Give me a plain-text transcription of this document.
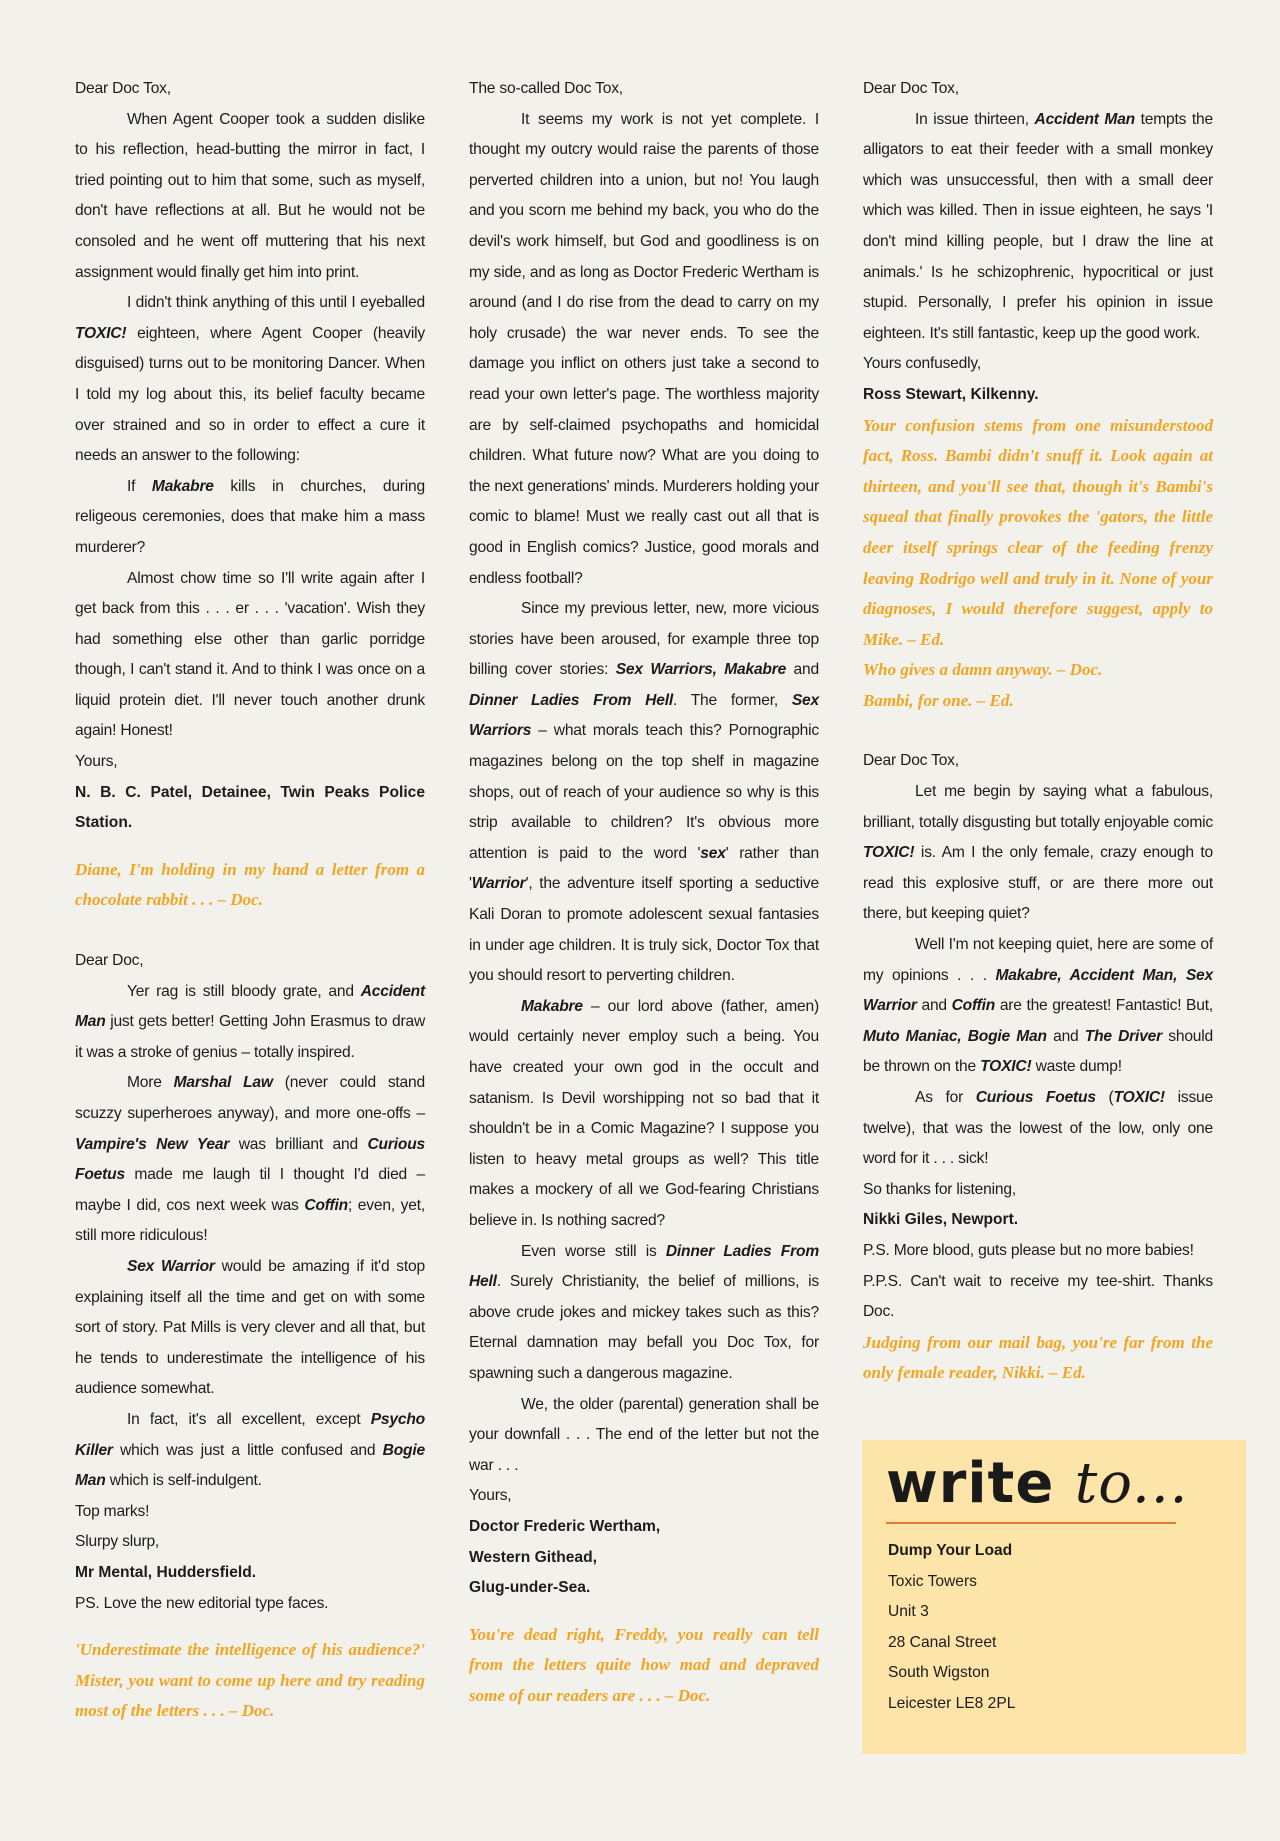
Dear Doc Tox,

When Agent Cooper took a sudden dislike to his reflection, head-butting the mirror in fact, I tried pointing out to him that some, such as myself, don't have reflections at all. But he would not be consoled and he went off muttering that his next assignment would finally get him into print.

I didn't think anything of this until I eyeballed TOXIC! eighteen, where Agent Cooper (heavily disguised) turns out to be monitoring Dancer. When I told my log about this, its belief faculty became over strained and so in order to effect a cure it needs an answer to the following:

If Makabre kills in churches, during religeous ceremonies, does that make him a mass murderer?

Almost chow time so I'll write again after I get back from this . . . er . . . 'vacation'. Wish they had something else other than garlic porridge though, I can't stand it. And to think I was once on a liquid protein diet. I'll never touch another drunk again! Honest!

Yours,

N. B. C. Patel, Detainee, Twin Peaks Police Station.

Diane, I'm holding in my hand a letter from a chocolate rabbit . . . – Doc.

Dear Doc,

Yer rag is still bloody grate, and Accident Man just gets better! Getting John Erasmus to draw it was a stroke of genius – totally inspired.

More Marshal Law (never could stand scuzzy superheroes anyway), and more one-offs – Vampire's New Year was brilliant and Curious Foetus made me laugh til I thought I'd died – maybe I did, cos next week was Coffin; even, yet, still more ridiculous!

Sex Warrior would be amazing if it'd stop explaining itself all the time and get on with some sort of story. Pat Mills is very clever and all that, but he tends to underestimate the intelligence of his audience somewhat.

In fact, it's all excellent, except Psycho Killer which was just a little confused and Bogie Man which is self-indulgent.

Top marks!

Slurpy slurp,

Mr Mental, Huddersfield.

PS. Love the new editorial type faces.

'Underestimate the intelligence of his audience?' Mister, you want to come up here and try reading most of the letters . . . – Doc.

The so-called Doc Tox,

It seems my work is not yet complete. I thought my outcry would raise the parents of those perverted children into a union, but no! You laugh and you scorn me behind my back, you who do the devil's work himself, but God and goodliness is on my side, and as long as Doctor Frederic Wertham is around (and I do rise from the dead to carry on my holy crusade) the war never ends. To see the damage you inflict on others just take a second to read your own letter's page. The worthless majority are by self-claimed psychopaths and homicidal children. What future now? What are you doing to the next generations' minds. Murderers holding your comic to blame! Must we really cast out all that is good in English comics? Justice, good morals and endless football?

Since my previous letter, new, more vicious stories have been aroused, for example three top billing cover stories: Sex Warriors, Makabre and Dinner Ladies From Hell. The former, Sex Warriors – what morals teach this? Pornographic magazines belong on the top shelf in magazine shops, out of reach of your audience so why is this strip available to children? It's obvious more attention is paid to the word 'sex' rather than 'Warrior', the adventure itself sporting a seductive Kali Doran to promote adolescent sexual fantasies in under age children. It is truly sick, Doctor Tox that you should resort to perverting children.

Makabre – our lord above (father, amen) would certainly never employ such a being. You have created your own god in the occult and satanism. Is Devil worshipping not so bad that it shouldn't be in a Comic Magazine? I suppose you listen to heavy metal groups as well? This title makes a mockery of all we God-fearing Christians believe in. Is nothing sacred?

Even worse still is Dinner Ladies From Hell. Surely Christianity, the belief of millions, is above crude jokes and mickey takes such as this? Eternal damnation may befall you Doc Tox, for spawning such a dangerous magazine.

We, the older (parental) generation shall be your downfall . . . The end of the letter but not the war . . .

Yours,

Doctor Frederic Wertham,

Western Githead,

Glug-under-Sea.

You're dead right, Freddy, you really can tell from the letters quite how mad and depraved some of our readers are . . . – Doc.

Dear Doc Tox,

In issue thirteen, Accident Man tempts the alligators to eat their feeder with a small monkey which was unsuccessful, then with a small deer which was killed. Then in issue eighteen, he says 'I don't mind killing people, but I draw the line at animals.' Is he schizophrenic, hypocritical or just stupid. Personally, I prefer his opinion in issue eighteen. It's still fantastic, keep up the good work.

Yours confusedly,

Ross Stewart, Kilkenny.

Your confusion stems from one misunderstood fact, Ross. Bambi didn't snuff it. Look again at thirteen, and you'll see that, though it's Bambi's squeal that finally provokes the 'gators, the little deer itself springs clear of the feeding frenzy leaving Rodrigo well and truly in it. None of your diagnoses, I would therefore suggest, apply to Mike. – Ed.

Who gives a damn anyway. – Doc.

Bambi, for one. – Ed.

Dear Doc Tox,

Let me begin by saying what a fabulous, brilliant, totally disgusting but totally enjoyable comic TOXIC! is. Am I the only female, crazy enough to read this explosive stuff, or are there more out there, but keeping quiet?

Well I'm not keeping quiet, here are some of my opinions . . . Makabre, Accident Man, Sex Warrior and Coffin are the greatest! Fantastic! But, Muto Maniac, Bogie Man and The Driver should be thrown on the TOXIC! waste dump!

As for Curious Foetus (TOXIC! issue twelve), that was the lowest of the low, only one word for it . . . sick!

So thanks for listening,

Nikki Giles, Newport.

P.S. More blood, guts please but no more babies!

P.P.S. Can't wait to receive my tee-shirt. Thanks Doc.

Judging from our mail bag, you're far from the only female reader, Nikki. – Ed.

write to...
Dump Your Load
Toxic Towers
Unit 3
28 Canal Street
South Wigston
Leicester LE8 2PL
